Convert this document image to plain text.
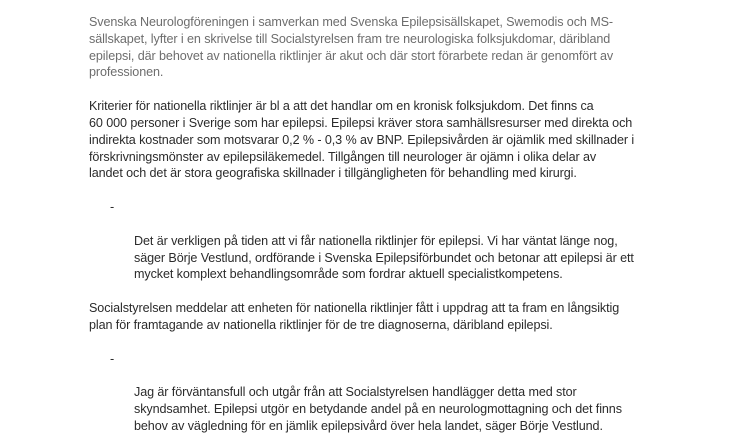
Svenska Neurologföreningen i samverkan med Svenska Epilepsisällskapet, Swemodis och MS-
sällskapet, lyfter i en skrivelse till Socialstyrelsen fram tre neurologiska folksjukdomar, däribland
epilepsi, där behovet av nationella riktlinjer är akut och där stort förarbete redan är genomfört av
professionen.

Kriterier för nationella riktlinjer är bl a att det handlar om en kronisk folksjukdom. Det finns ca
60 000 personer i Sverige som har epilepsi. Epilepsi kräver stora samhällsresurser med direkta och
indirekta kostnader som motsvarar 0,2 % - 0,3 % av BNP. Epilepsivården är ojämlik med skillnader i
förskrivningsmönster av epilepsiläkemedel. Tillgången till neurologer är ojämn i olika delar av
landet och det är stora geografiska skillnader i tillgängligheten för behandling med kirurgi.

-

Det är verkligen på tiden att vi får nationella riktlinjer för epilepsi. Vi har väntat länge nog,
säger Börje Vestlund, ordförande i Svenska Epilepsiförbundet och betonar att epilepsi är ett
mycket komplext behandlingsområde som fordrar aktuell specialistkompetens.

Socialstyrelsen meddelar att enheten för nationella riktlinjer fått i uppdrag att ta fram en långsiktig
plan för framtagande av nationella riktlinjer för de tre diagnoserna, däribland epilepsi.

-

Jag är förväntansfull och utgår från att Socialstyrelsen handlägger detta med stor
skyndsamhet. Epilepsi utgör en betydande andel på en neurologmottagning och det finns
behov av vägledning för en jämlik epilepsivård över hela landet, säger Börje Vestlund.
